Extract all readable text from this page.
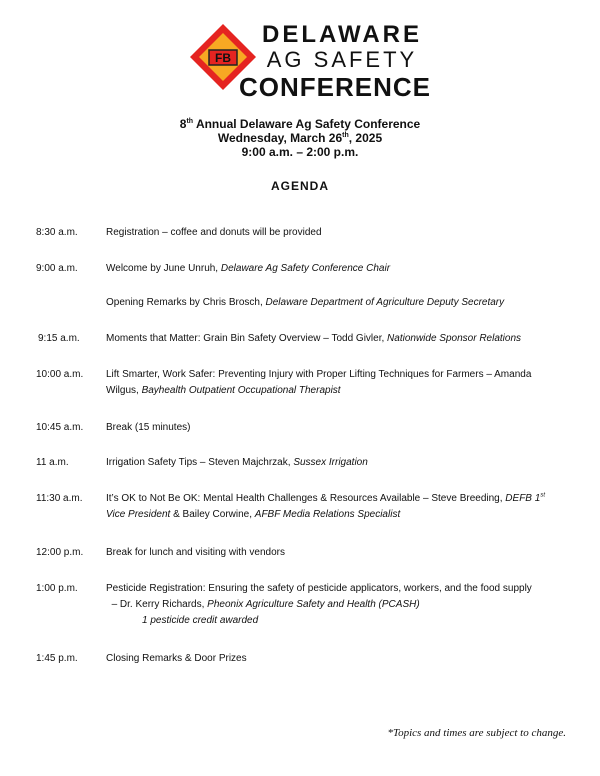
FB
DELAWARE
AG SAFETY
CONFERENCE
8th Annual Delaware Ag Safety Conference
Wednesday, March 26th, 2025
9:00 a.m. – 2:00 p.m.
AGENDA
8:30 a.m.	Registration – coffee and donuts will be provided
9:00 a.m.	Welcome by June Unruh, Delaware Ag Safety Conference Chair
Opening Remarks by Chris Brosch, Delaware Department of Agriculture Deputy Secretary
9:15 a.m.	Moments that Matter: Grain Bin Safety Overview – Todd Givler, Nationwide Sponsor Relations
10:00 a.m. Lift Smarter, Work Safer: Preventing Injury with Proper Lifting Techniques for Farmers – Amanda Wilgus, Bayhealth Outpatient Occupational Therapist
10:45 a.m. Break (15 minutes)
11 a.m.	Irrigation Safety Tips – Steven Majchrzak, Sussex Irrigation
11:30 a.m. It’s OK to Not Be OK: Mental Health Challenges & Resources Available – Steve Breeding, DEFB 1st
Vice President & Bailey Corwine, AFBF Media Relations Specialist
12:00 p.m. Break for lunch and visiting with vendors
1:00 p.m.	Pesticide Registration: Ensuring the safety of pesticide applicators, workers, and the food supply
– Dr. Kerry Richards, Pheonix Agriculture Safety and Health (PCASH)
1 pesticide credit awarded
1:45 p.m.	Closing Remarks & Door Prizes
*Topics and times are subject to change.
